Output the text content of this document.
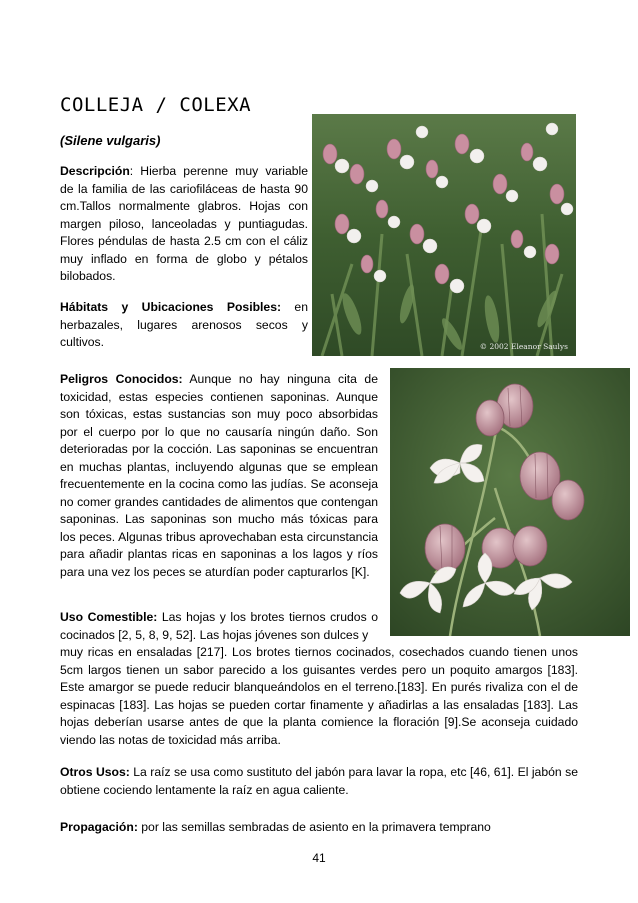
COLLEJA / COLEXA
(Silene vulgaris)
Descripción: Hierba perenne muy variable de la familia de las cariofiláceas de hasta 90 cm.Tallos normalmente glabros. Hojas con margen piloso, lanceoladas y puntiagudas. Flores péndulas de hasta 2.5 cm con el cáliz muy inflado en forma de globo y pétalos bilobados.
Hábitats y Ubicaciones Posibles: en herbazales, lugares arenosos secos y cultivos.
Peligros Conocidos: Aunque no hay ninguna cita de toxicidad, estas especies contienen saponinas. Aunque son tóxicas, estas sustancias son muy poco absorbidas por el cuerpo por lo que no causaría ningún daño. Son deterioradas por la cocción. Las saponinas se encuentran en muchas plantas, incluyendo algunas que se emplean frecuentemente en la cocina como las judías. Se aconseja no comer grandes cantidades de alimentos que contengan saponinas. Las saponinas son mucho más tóxicas para los peces. Algunas tribus aprovechaban esta circunstancia para añadir plantas ricas en saponinas a los lagos y ríos para una vez los peces se aturdían poder capturarlos [K].
Uso Comestible: Las hojas y los brotes tiernos crudos o cocinados [2, 5, 8, 9, 52]. Las hojas jóvenes son dulces y
muy ricas en ensaladas [217]. Los brotes tiernos cocinados, cosechados cuando tienen unos 5cm largos tienen un sabor parecido a los guisantes verdes pero un poquito amargos [183]. Este amargor se puede reducir blanqueándolos en el terreno.[183]. En purés rivaliza con el de espinacas [183]. Las hojas se pueden cortar finamente y añadirlas a las ensaladas [183]. Las hojas deberían usarse antes de que la planta comience la floración [9].Se aconseja cuidado viendo las notas de toxicidad más arriba.
Otros Usos: La raíz se usa como sustituto del jabón para lavar la ropa, etc [46, 61]. El jabón se obtiene cociendo lentamente la raíz en agua caliente.
Propagación: por las semillas sembradas de asiento en la primavera temprano
© 2002 Eleanor Saulys
41
